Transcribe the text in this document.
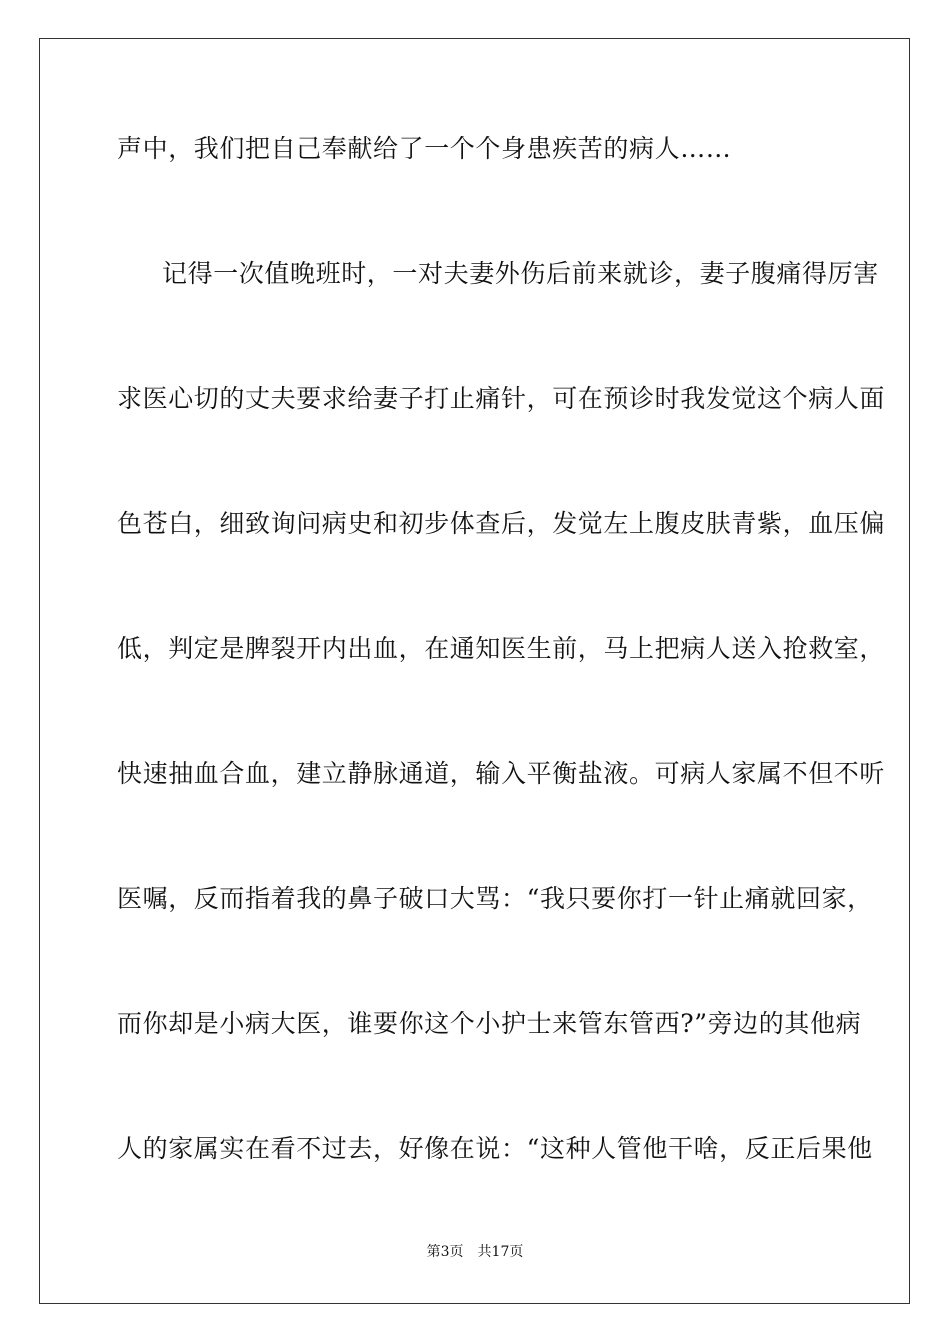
声中，我们把自己奉献给了一个个身患疾苦的病人……
记得一次值晚班时，一对夫妻外伤后前来就诊，妻子腹痛得厉害
求医心切的丈夫要求给妻子打止痛针，可在预诊时我发觉这个病人面
色苍白，细致询问病史和初步体查后，发觉左上腹皮肤青紫，血压偏
低，判定是脾裂开内出血，在通知医生前，马上把病人送入抢救室，
快速抽血合血，建立静脉通道，输入平衡盐液。可病人家属不但不听
医嘱，反而指着我的鼻子破口大骂：“我只要你打一针止痛就回家，
而你却是小病大医，谁要你这个小护士来管东管西?”旁边的其他病
人的家属实在看不过去，好像在说：“这种人管他干啥，反正后果他
第3页 共17页
